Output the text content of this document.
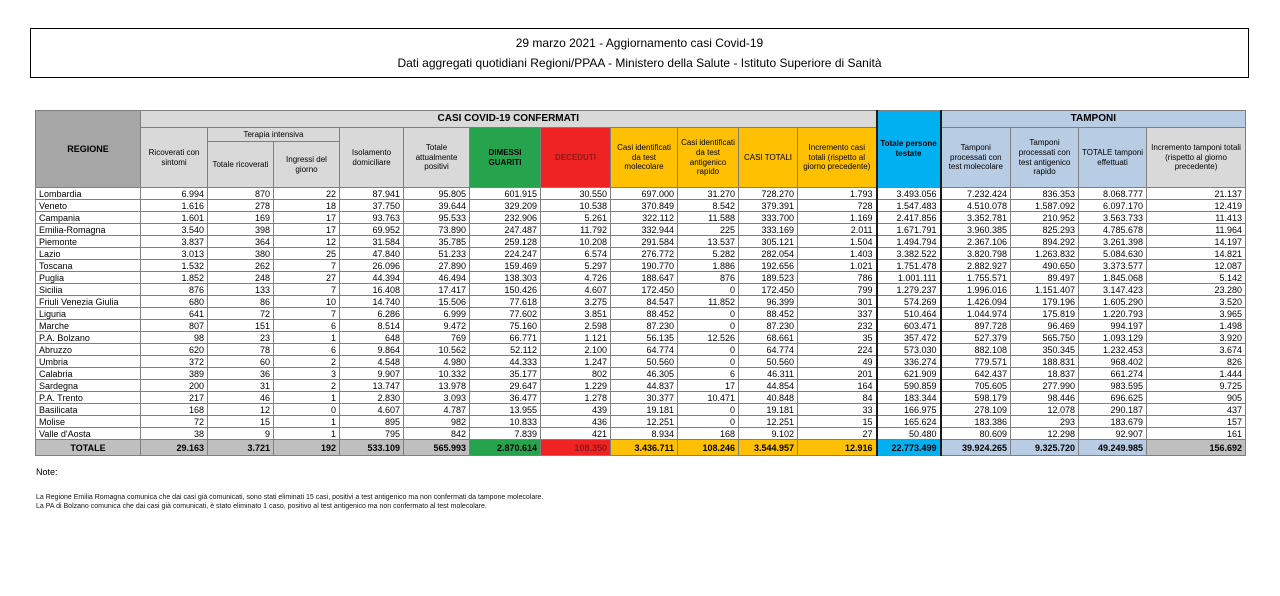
29 marzo 2021 - Aggiornamento casi Covid-19
Dati aggregati quotidiani Regioni/PPAA - Ministero della Salute - Istituto Superiore di Sanità
REGIONE	CASI COVID-19 CONFERMATI											Totale persone testate	TAMPONI			
	Ricoverati con sintomi	Terapia intensiva		Isolamento domiciliare	Totale attualmente positivi	DIMESSI GUARITI	DECEDUTI	Casi identificati da test molecolare	Casi identificati da test antigenico rapido	CASI TOTALI	Incremento casi totali (rispetto al giorno precedente)		Tamponi processati con test molecolare	Tamponi processati con test antigenico rapido	TOTALE tamponi effettuati	Incremento tamponi totali (rispetto al giorno precedente)
		Totale ricoverati	Ingressi del giorno													
Lombardia	6.994	870	22	87.941	95.805	601.915	30.550	697.000	31.270	728.270	1.793	3.493.056	7.232.424	836.353	8.068.777	21.137
Veneto	1.616	278	18	37.750	39.644	329.209	10.538	370.849	8.542	379.391	728	1.547.483	4.510.078	1.587.092	6.097.170	12.419
Campania	1.601	169	17	93.763	95.533	232.906	5.261	322.112	11.588	333.700	1.169	2.417.856	3.352.781	210.952	3.563.733	11.413
Emilia-Romagna	3.540	398	17	69.952	73.890	247.487	11.792	332.944	225	333.169	2.011	1.671.791	3.960.385	825.293	4.785.678	11.964
Piemonte	3.837	364	12	31.584	35.785	259.128	10.208	291.584	13.537	305.121	1.504	1.494.794	2.367.106	894.292	3.261.398	14.197
Lazio	3.013	380	25	47.840	51.233	224.247	6.574	276.772	5.282	282.054	1.403	3.382.522	3.820.798	1.263.832	5.084.630	14.821
Toscana	1.532	262	7	26.096	27.890	159.469	5.297	190.770	1.886	192.656	1.021	1.751.478	2.882.927	490.650	3.373.577	12.087
Puglia	1.852	248	27	44.394	46.494	138.303	4.726	188.647	876	189.523	786	1.001.111	1.755.571	89.497	1.845.068	5.142
Sicilia	876	133	7	16.408	17.417	150.426	4.607	172.450	0	172.450	799	1.279.237	1.996.016	1.151.407	3.147.423	23.280
Friuli Venezia Giulia	680	86	10	14.740	15.506	77.618	3.275	84.547	11.852	96.399	301	574.269	1.426.094	179.196	1.605.290	3.520
Liguria	641	72	7	6.286	6.999	77.602	3.851	88.452	0	88.452	337	510.464	1.044.974	175.819	1.220.793	3.965
Marche	807	151	6	8.514	9.472	75.160	2.598	87.230	0	87.230	232	603.471	897.728	96.469	994.197	1.498
P.A. Bolzano	98	23	1	648	769	66.771	1.121	56.135	12.526	68.661	35	357.472	527.379	565.750	1.093.129	3.920
Abruzzo	620	78	6	9.864	10.562	52.112	2.100	64.774	0	64.774	224	573.030	882.108	350.345	1.232.453	3.674
Umbria	372	60	2	4.548	4.980	44.333	1.247	50.560	0	50.560	49	336.274	779.571	188.831	968.402	826
Calabria	389	36	3	9.907	10.332	35.177	802	46.305	6	46.311	201	621.909	642.437	18.837	661.274	1.444
Sardegna	200	31	2	13.747	13.978	29.647	1.229	44.837	17	44.854	164	590.859	705.605	277.990	983.595	9.725
P.A. Trento	217	46	1	2.830	3.093	36.477	1.278	30.377	10.471	40.848	84	183.344	598.179	98.446	696.625	905
Basilicata	168	12	0	4.607	4.787	13.955	439	19.181	0	19.181	33	166.975	278.109	12.078	290.187	437
Molise	72	15	1	895	982	10.833	436	12.251	0	12.251	15	165.624	183.386	293	183.679	157
Valle d'Aosta	38	9	1	795	842	7.839	421	8.934	168	9.102	27	50.480	80.609	12.298	92.907	161
TOTALE	29.163	3.721	192	533.109	565.993	2.870.614	108.350	3.436.711	108.246	3.544.957	12.916	22.773.499	39.924.265	9.325.720	49.249.985	156.692
Note:
La Regione Emilia Romagna comunica che dai casi già comunicati, sono stati eliminati 15 casi, positivi a test antigenico ma non confermati da tampone molecolare.
La PA di Bolzano comunica che dai casi già comunicati, è stato eliminato 1 caso, positivo al test antigenico ma non confermato al test molecolare.
